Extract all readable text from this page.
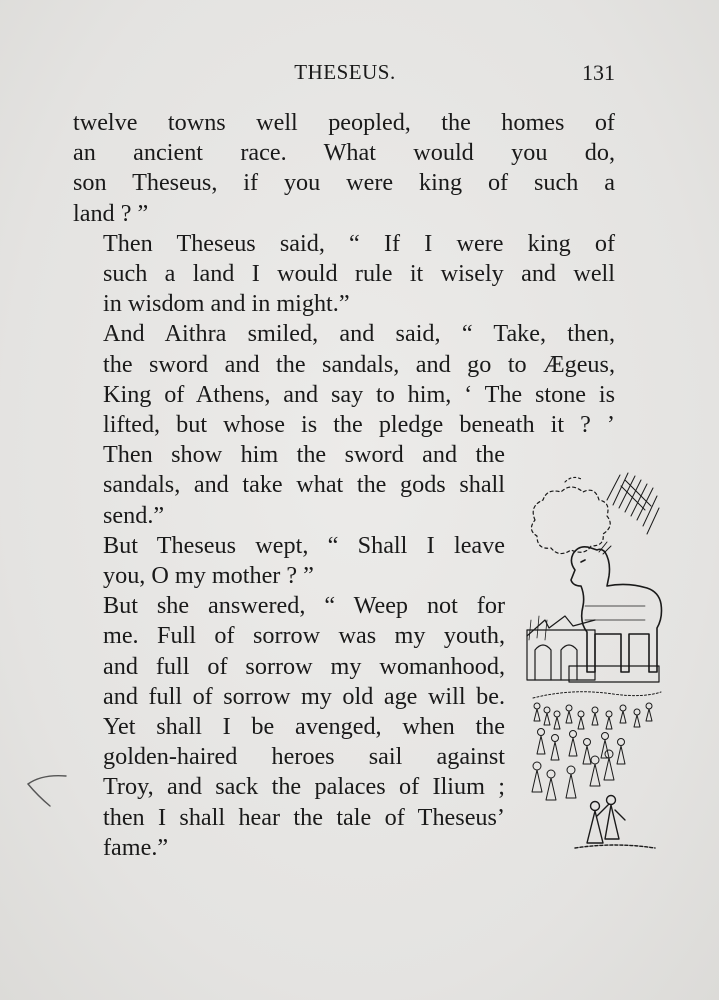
THESEUS.	131

twelve towns well peopled, the homes of
an ancient race. What would you do,
son Theseus, if you were king of such a
land ? ”

Then Theseus said, “ If I were king of
such a land I would rule it wisely and well
in wisdom and in might.”

And Aithra smiled, and said, “ Take, then,
the sword and the sandals, and go to Ægeus,
King of Athens, and say to him, ‘ The stone is
lifted, but whose is the pledge beneath it ? ’
Then show him the sword and the
sandals, and take what the gods shall
send.”

But Theseus wept, “ Shall I leave
you, O my mother ? ”

But she answered, “ Weep not for
me. Full of sorrow was my youth,
and full of sorrow my womanhood,
and full of sorrow my old age will be.
Yet shall I be avenged, when the
golden-haired heroes sail against
Troy, and sack the palaces of Ilium ;
then I shall hear the tale of Theseus’
fame.”
